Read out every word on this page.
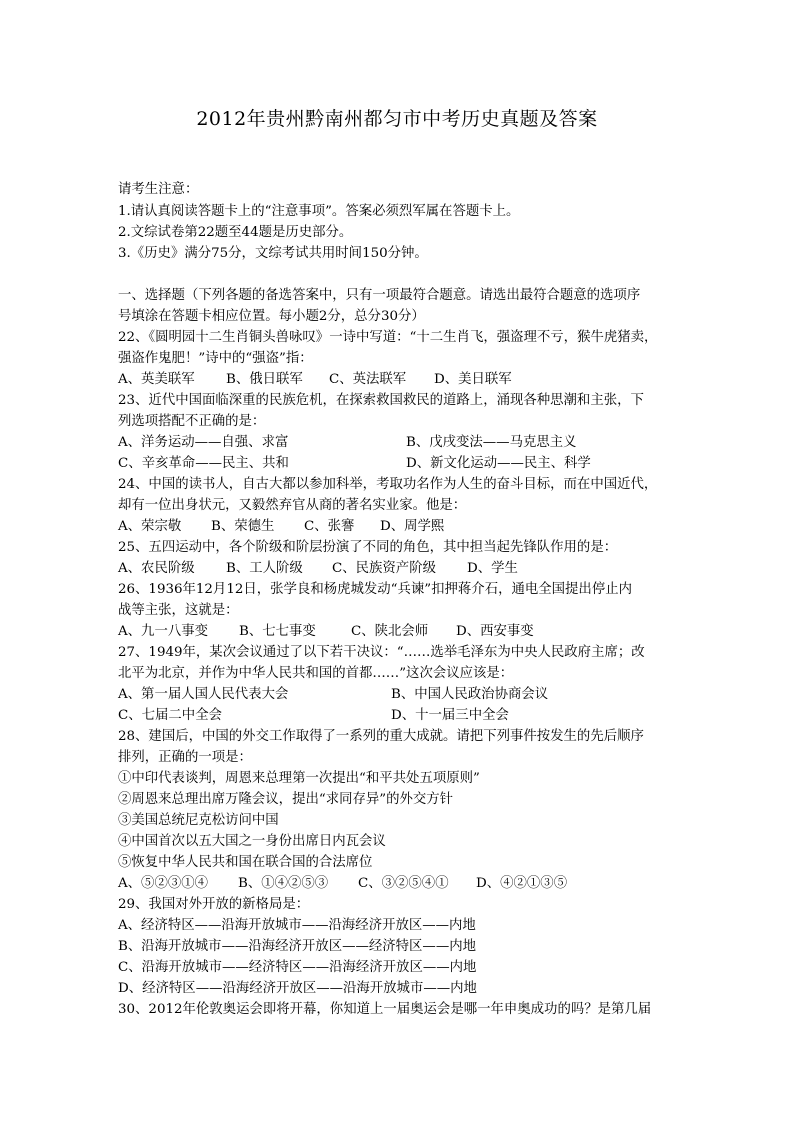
2012年贵州黔南州都匀市中考历史真题及答案
请考生注意：
1.请认真阅读答题卡上的“注意事项”。答案必须烈军属在答题卡上。
2.文综试卷第22题至44题是历史部分。
3.《历史》满分75分，文综考试共用时间150分钟。
一、选择题（下列各题的备选答案中，只有一项最符合题意。请选出最符合题意的选项序
号填涂在答题卡相应位置。每小题2分，总分30分）
22、《圆明园十二生肖铜头兽咏叹》一诗中写道：“十二生肖飞，强盗理不亏，猴牛虎猪卖，
强盗作鬼肥！”诗中的“强盗”指：
A、英美联军 B、俄日联军 C、英法联军 D、美日联军
23、近代中国面临深重的民族危机，在探索救国救民的道路上，涌现各种思潮和主张，下
列选项搭配不正确的是：
A、洋务运动——自强、求富	B、戊戌变法——马克思主义
C、辛亥革命——民主、共和	D、新文化运动——民主、科学
24、中国的读书人，自古大都以参加科举，考取功名作为人生的奋斗目标，而在中国近代，
却有一位出身状元，又毅然弃官从商的著名实业家。他是：
A、荣宗敬 B、荣德生 C、张謇 D、周学熙
25、五四运动中，各个阶级和阶层扮演了不同的角色，其中担当起先锋队作用的是：
A、农民阶级 B、工人阶级 C、民族资产阶级 D、学生
26、1936年12月12日，张学良和杨虎城发动“兵谏”扣押蒋介石，通电全国提出停止内
战等主张，这就是：
A、九一八事变 B、七七事变	C、陕北会师 D、西安事变
27、1949年，某次会议通过了以下若干决议：“……选举毛泽东为中央人民政府主席；改
北平为北京，并作为中华人民共和国的首都……”这次会议应该是：
A、第一届人国人民代表大会	B、中国人民政治协商会议
C、七届二中全会	D、十一届三中全会
28、建国后，中国的外交工作取得了一系列的重大成就。请把下列事件按发生的先后顺序
排列，正确的一项是：
①中印代表谈判，周恩来总理第一次提出“和平共处五项原则”
②周恩来总理出席万隆会议，提出“求同存异”的外交方针
③美国总统尼克松访问中国
④中国首次以五大国之一身份出席日内瓦会议
⑤恢复中华人民共和国在联合国的合法席位
A、⑤②③①④ B、①④②⑤③ C、③②⑤④① D、④②①③⑤
29、我国对外开放的新格局是：
A、经济特区——沿海开放城市——沿海经济开放区——内地
B、沿海开放城市——沿海经济开放区——经济特区——内地
C、沿海开放城市——经济特区——沿海经济开放区——内地
D、经济特区——沿海经济开放区——沿海开放城市——内地
30、2012年伦敦奥运会即将开幕，你知道上一届奥运会是哪一年申奥成功的吗？是第几届
